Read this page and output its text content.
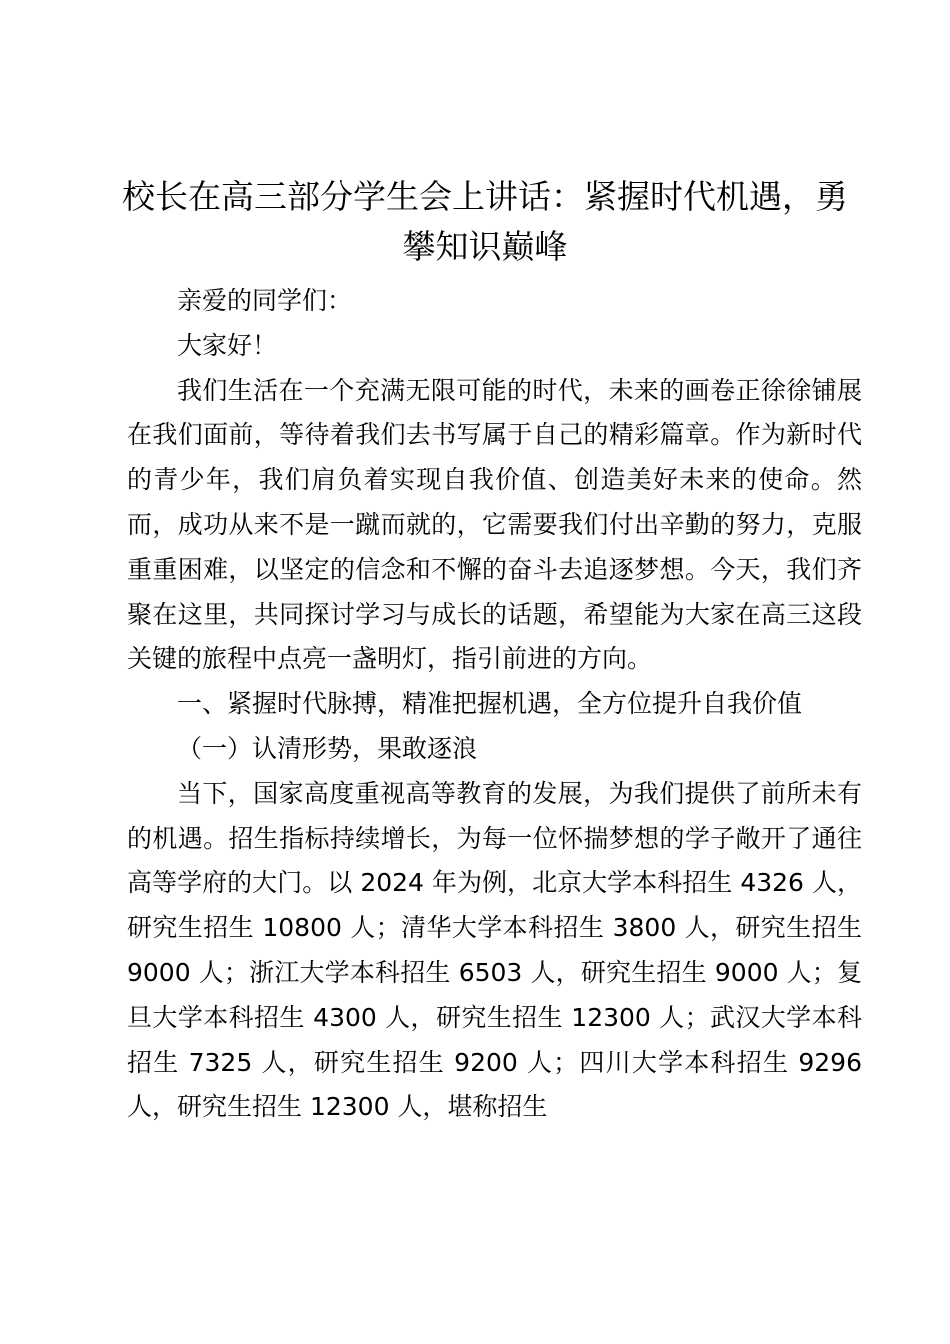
校长在高三部分学生会上讲话：紧握时代机遇，勇攀知识巅峰

亲爱的同学们：

大家好！

我们生活在一个充满无限可能的时代，未来的画卷正徐徐铺展在我们面前，等待着我们去书写属于自己的精彩篇章。作为新时代的青少年，我们肩负着实现自我价值、创造美好未来的使命。然而，成功从来不是一蹴而就的，它需要我们付出辛勤的努力，克服重重困难，以坚定的信念和不懈的奋斗去追逐梦想。今天，我们齐聚在这里，共同探讨学习与成长的话题，希望能为大家在高三这段关键的旅程中点亮一盏明灯，指引前进的方向。

一、紧握时代脉搏，精准把握机遇，全方位提升自我价值

（一）认清形势，果敢逐浪

当下，国家高度重视高等教育的发展，为我们提供了前所未有的机遇。招生指标持续增长，为每一位怀揣梦想的学子敞开了通往高等学府的大门。以 2024 年为例，北京大学本科招生 4326 人，研究生招生 10800 人；清华大学本科招生 3800 人，研究生招生 9000 人；浙江大学本科招生 6503 人，研究生招生 9000 人；复旦大学本科招生 4300 人，研究生招生 12300 人；武汉大学本科招生 7325 人，研究生招生 9200 人；四川大学本科招生 9296 人，研究生招生 12300 人，堪称招生
